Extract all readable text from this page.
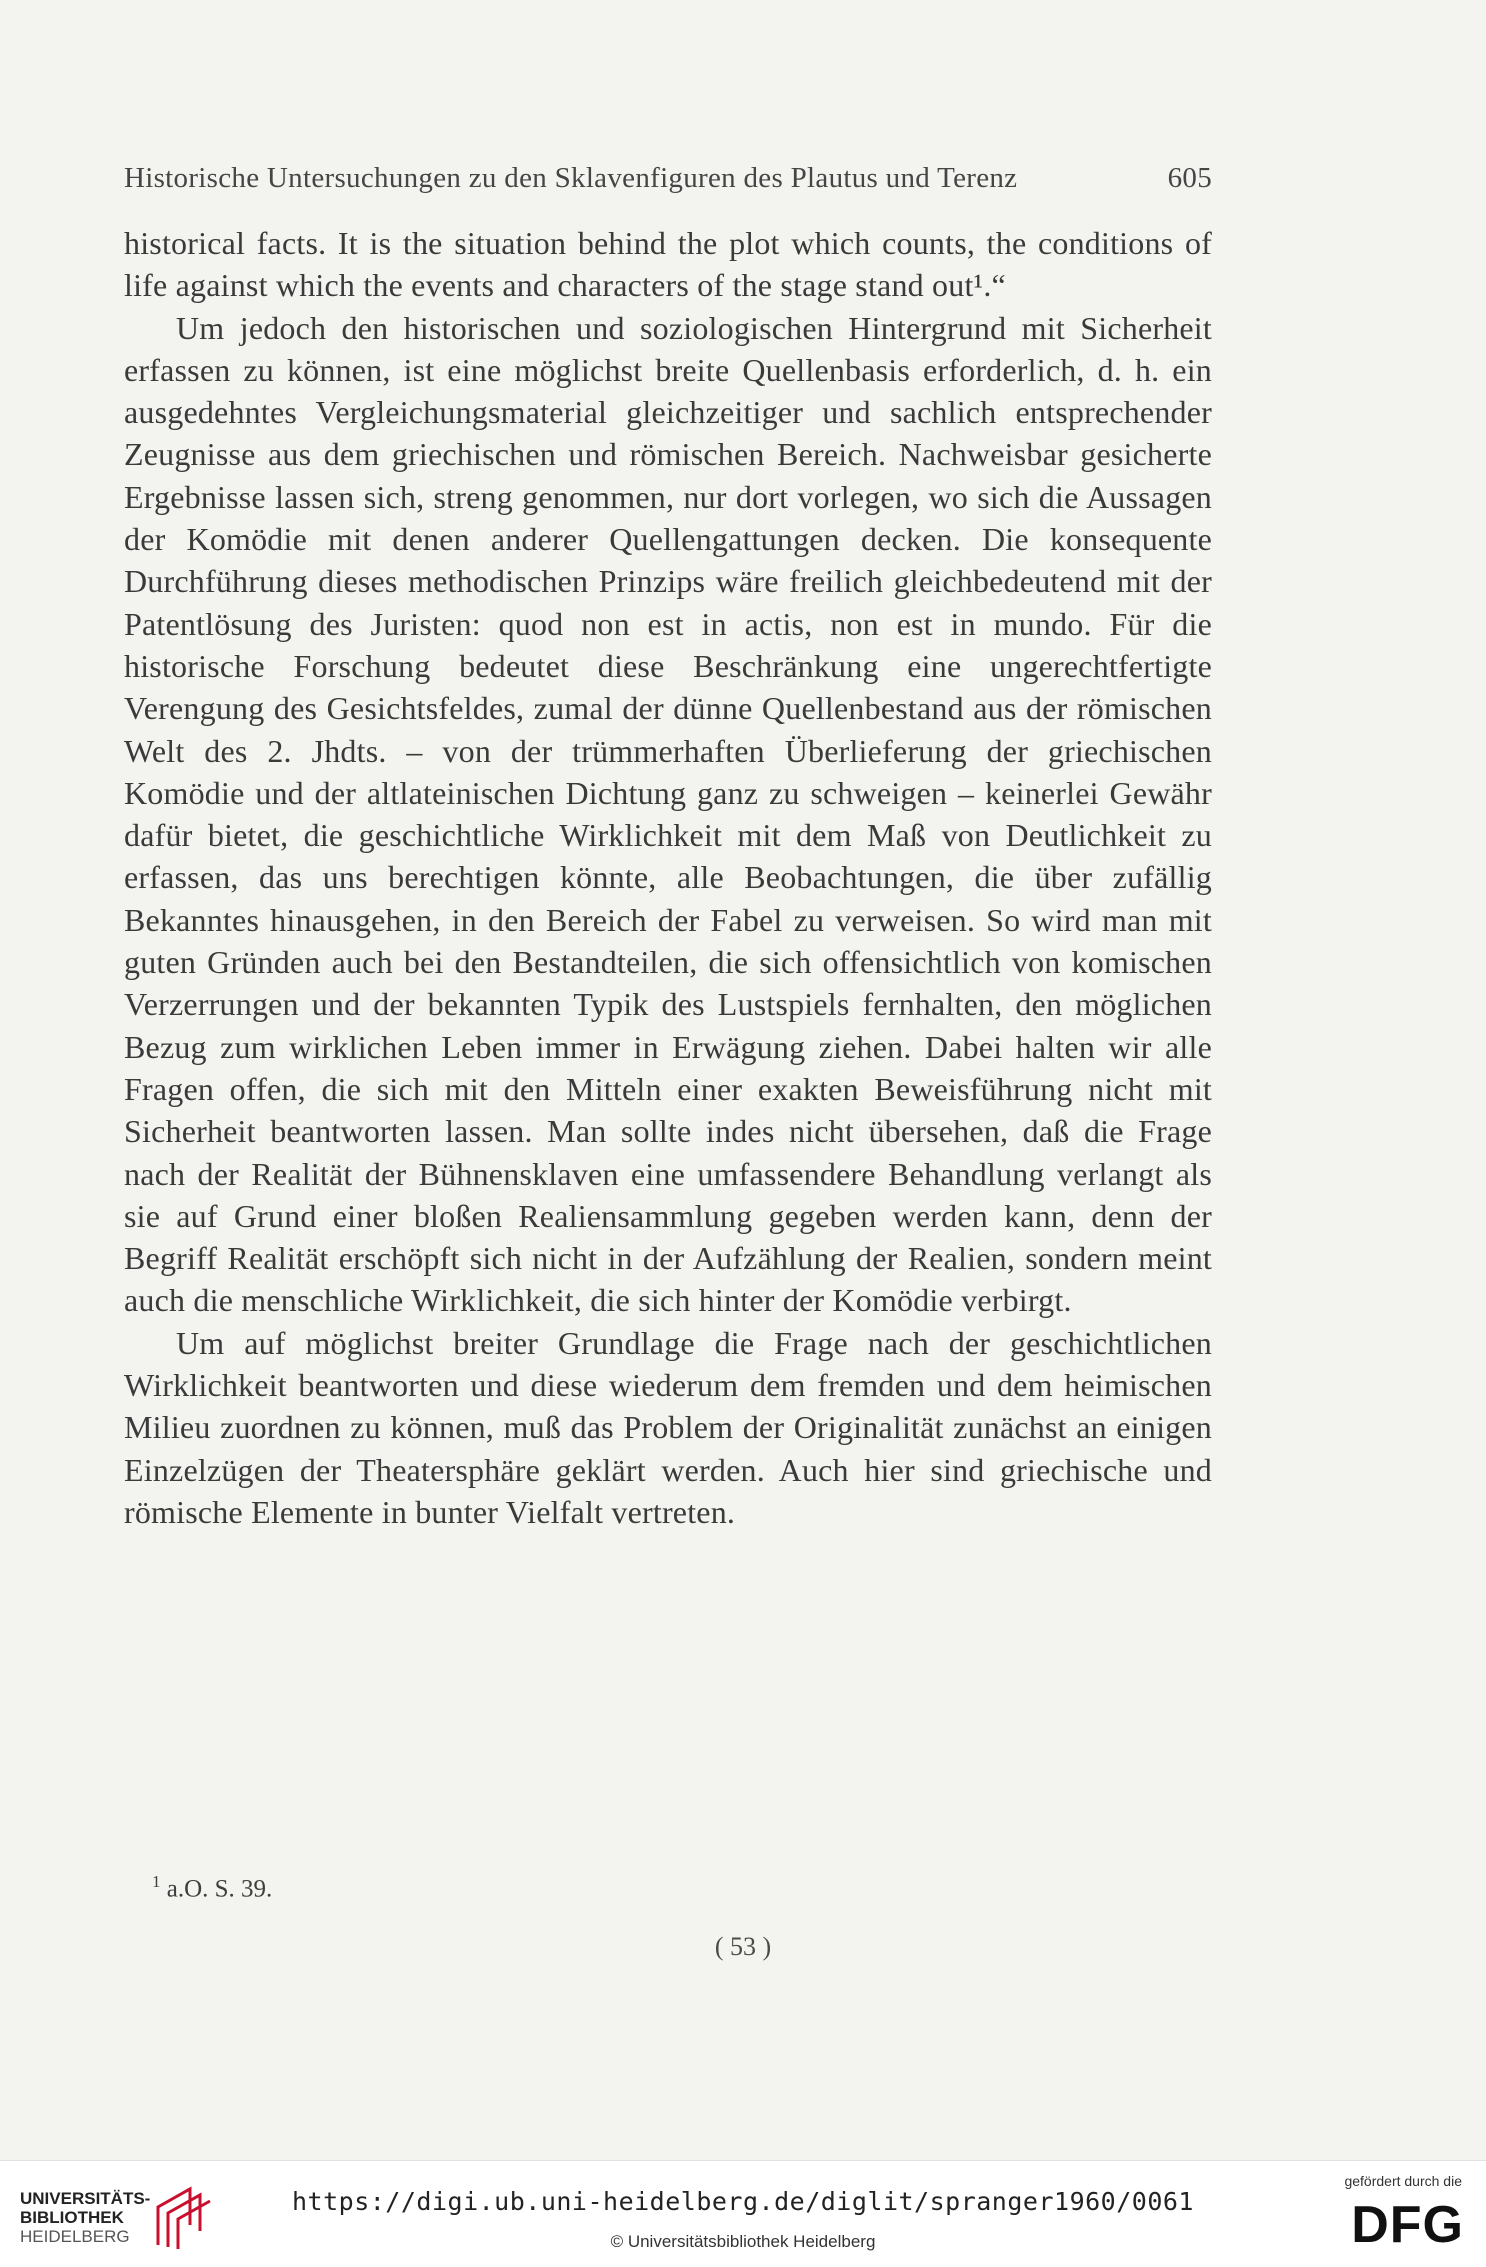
Historische Untersuchungen zu den Sklavenfiguren des Plautus und Terenz	605

historical facts. It is the situation behind the plot which counts, the conditions of life against which the events and characters of the stage stand out¹.“

Um jedoch den historischen und soziologischen Hintergrund mit Sicherheit erfassen zu können, ist eine möglichst breite Quellenbasis erforderlich, d. h. ein ausgedehntes Vergleichungsmaterial gleichzeitiger und sachlich entsprechender Zeugnisse aus dem griechischen und römischen Bereich. Nachweisbar gesicherte Ergebnisse lassen sich, streng genommen, nur dort vorlegen, wo sich die Aussagen der Komödie mit denen anderer Quellengattungen decken. Die konsequente Durchführung dieses methodischen Prinzips wäre freilich gleichbedeutend mit der Patentlösung des Juristen: quod non est in actis, non est in mundo. Für die historische Forschung bedeutet diese Beschränkung eine ungerechtfertigte Verengung des Gesichtsfeldes, zumal der dünne Quellenbestand aus der römischen Welt des 2. Jhdts. – von der trümmerhaften Überlieferung der griechischen Komödie und der altlateinischen Dichtung ganz zu schweigen – keinerlei Gewähr dafür bietet, die geschichtliche Wirklichkeit mit dem Maß von Deutlichkeit zu erfassen, das uns berechtigen könnte, alle Beobachtungen, die über zufällig Bekanntes hinausgehen, in den Bereich der Fabel zu verweisen. So wird man mit guten Gründen auch bei den Bestandteilen, die sich offensichtlich von komischen Verzerrungen und der bekannten Typik des Lustspiels fernhalten, den möglichen Bezug zum wirklichen Leben immer in Erwägung ziehen. Dabei halten wir alle Fragen offen, die sich mit den Mitteln einer exakten Beweisführung nicht mit Sicherheit beantworten lassen. Man sollte indes nicht übersehen, daß die Frage nach der Realität der Bühnensklaven eine umfassendere Behandlung verlangt als sie auf Grund einer bloßen Realiensammlung gegeben werden kann, denn der Begriff Realität erschöpft sich nicht in der Aufzählung der Realien, sondern meint auch die menschliche Wirklichkeit, die sich hinter der Komödie verbirgt.

Um auf möglichst breiter Grundlage die Frage nach der geschichtlichen Wirklichkeit beantworten und diese wiederum dem fremden und dem heimischen Milieu zuordnen zu können, muß das Problem der Originalität zunächst an einigen Einzelzügen der Theatersphäre geklärt werden. Auch hier sind griechische und römische Elemente in bunter Vielfalt vertreten.

$^1$ a.O. S. 39.
( 53 )
UNIVERSITÄTS-
BIBLIOTHEK
HEIDELBERG
https://digi.ub.uni-heidelberg.de/diglit/spranger1960/0061
© Universitätsbibliothek Heidelberg
gefördert durch die
DFG
